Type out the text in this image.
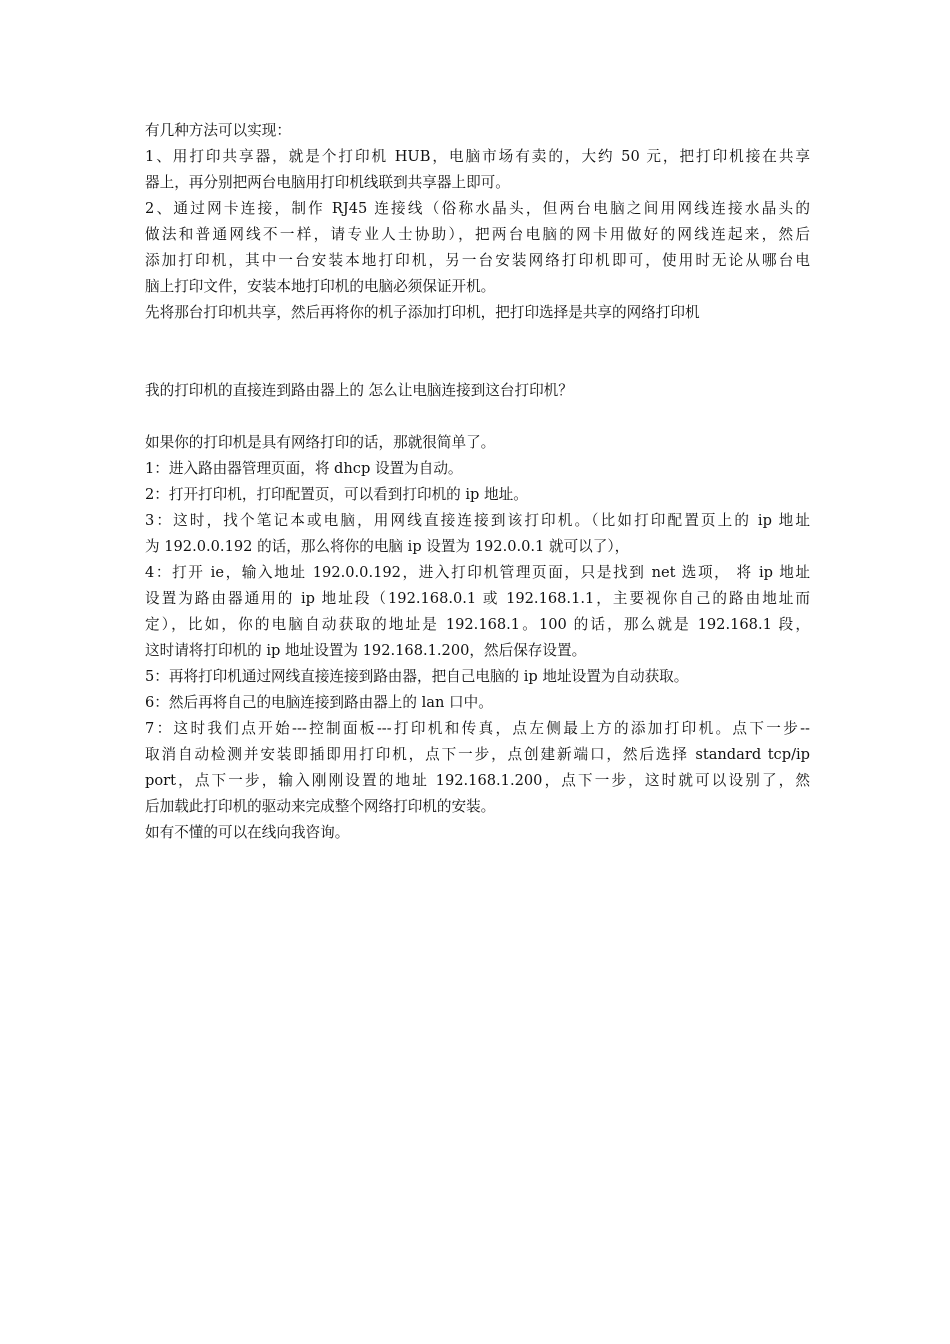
有几种方法可以实现：
1、用打印共享器，就是个打印机 HUB，电脑市场有卖的，大约 50 元，把打印机接在共享
器上，再分别把两台电脑用打印机线联到共享器上即可。
2、通过网卡连接，制作 RJ45 连接线（俗称水晶头，但两台电脑之间用网线连接水晶头的
做法和普通网线不一样，请专业人士协助），把两台电脑的网卡用做好的网线连起来，然后
添加打印机，其中一台安装本地打印机，另一台安装网络打印机即可，使用时无论从哪台电
脑上打印文件，安装本地打印机的电脑必须保证开机。
先将那台打印机共享，然后再将你的机子添加打印机，把打印选择是共享的网络打印机
我的打印机的直接连到路由器上的 怎么让电脑连接到这台打印机？
如果你的打印机是具有网络打印的话，那就很简单了。
1：进入路由器管理页面，将 dhcp 设置为自动。
2：打开打印机，打印配置页，可以看到打印机的 ip 地址。
3：这时，找个笔记本或电脑，用网线直接连接到该打印机。（比如打印配置页上的 ip 地址
为 192.0.0.192 的话，那么将你的电脑 ip 设置为 192.0.0.1 就可以了），
4：打开 ie，输入地址 192.0.0.192，进入打印机管理页面，只是找到 net 选项， 将 ip 地址
设置为路由器通用的 ip 地址段（192.168.0.1 或 192.168.1.1，主要视你自己的路由地址而
定），比如，你的电脑自动获取的地址是 192.168.1。100 的话，那么就是 192.168.1 段，
这时请将打印机的 ip 地址设置为 192.168.1.200，然后保存设置。
5：再将打印机通过网线直接连接到路由器，把自己电脑的 ip 地址设置为自动获取。
6：然后再将自己的电脑连接到路由器上的 lan 口中。
7：这时我们点开始---控制面板---打印机和传真，点左侧最上方的添加打印机。点下一步--
取消自动检测并安装即插即用打印机，点下一步，点创建新端口，然后选择 standard tcp/ip
port，点下一步，输入刚刚设置的地址 192.168.1.200，点下一步，这时就可以设别了，然
后加载此打印机的驱动来完成整个网络打印机的安装。
如有不懂的可以在线向我咨询。
